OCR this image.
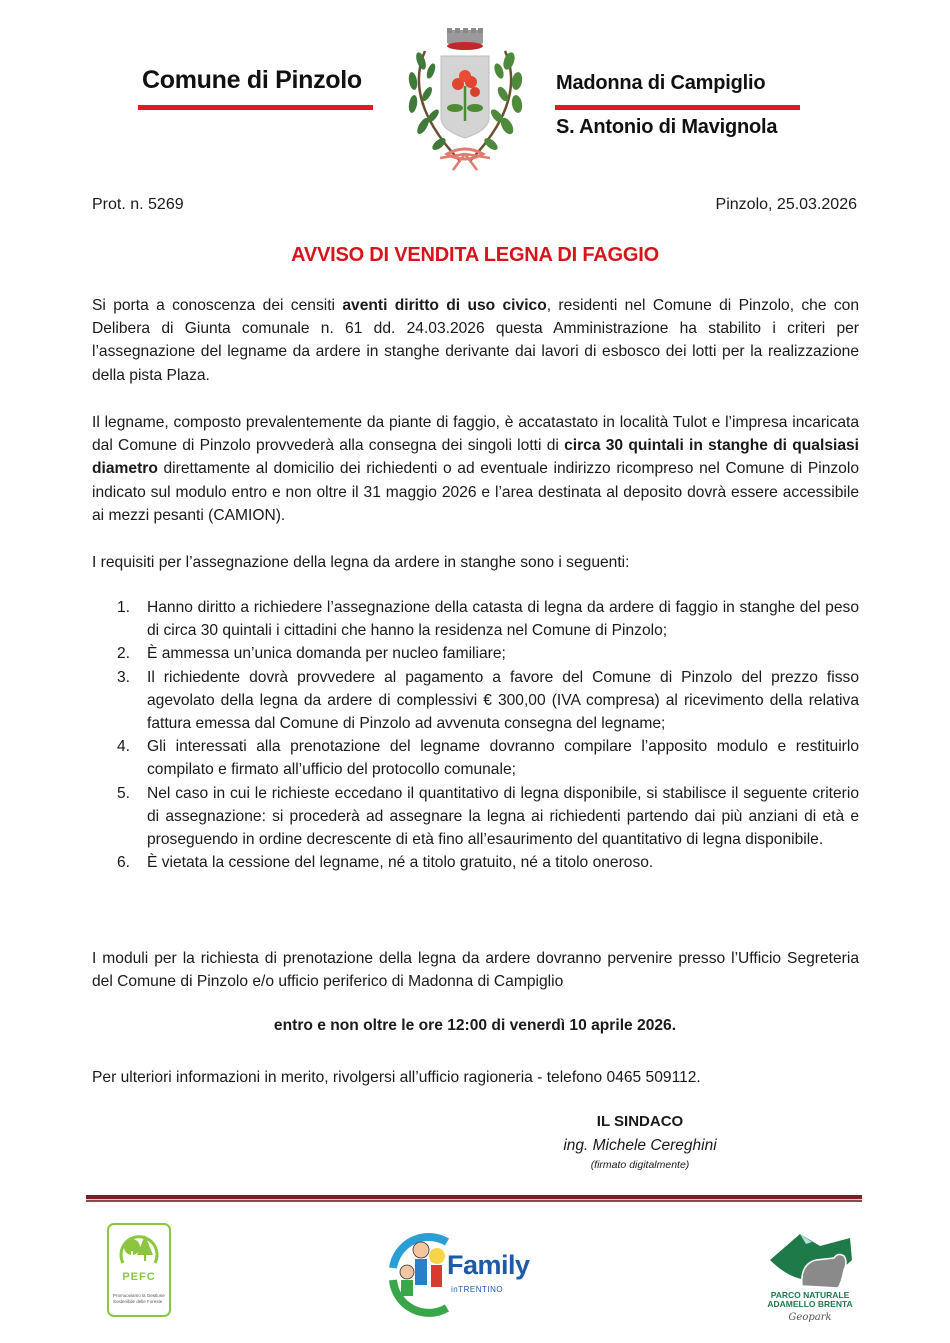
Comune di Pinzolo	Madonna di Campiglio
S. Antonio di Mavignola
Prot. n. 5269	Pinzolo, 25.03.2026
AVVISO DI VENDITA LEGNA DI FAGGIO
Si porta a conoscenza dei censiti aventi diritto di uso civico, residenti nel Comune di Pinzolo, che con Delibera di Giunta comunale n. 61 dd. 24.03.2026 questa Amministrazione ha stabilito i criteri per l’assegnazione del legname da ardere in stanghe derivante dai lavori di esbosco dei lotti per la realizzazione della pista Plaza.
Il legname, composto prevalentemente da piante di faggio, è accatastato in località Tulot e l’impresa incaricata dal Comune di Pinzolo provvederà alla consegna dei singoli lotti di circa 30 quintali in stanghe di qualsiasi diametro direttamente al domicilio dei richiedenti o ad eventuale indirizzo ricompreso nel Comune di Pinzolo indicato sul modulo entro e non oltre il 31 maggio 2026 e l’area destinata al deposito dovrà essere accessibile ai mezzi pesanti (CAMION).
I requisiti per l’assegnazione della legna da ardere in stanghe sono i seguenti:
1. Hanno diritto a richiedere l’assegnazione della catasta di legna da ardere di faggio in stanghe del peso di circa 30 quintali i cittadini che hanno la residenza nel Comune di Pinzolo;
2. È ammessa un’unica domanda per nucleo familiare;
3. Il richiedente dovrà provvedere al pagamento a favore del Comune di Pinzolo del prezzo fisso agevolato della legna da ardere di complessivi € 300,00 (IVA compresa) al ricevimento della relativa fattura emessa dal Comune di Pinzolo ad avvenuta consegna del legname;
4. Gli interessati alla prenotazione del legname dovranno compilare l’apposito modulo e restituirlo compilato e firmato all’ufficio del protocollo comunale;
5. Nel caso in cui le richieste eccedano il quantitativo di legna disponibile, si stabilisce il seguente criterio di assegnazione: si procederà ad assegnare la legna ai richiedenti partendo dai più anziani di età e proseguendo in ordine decrescente di età fino all’esaurimento del quantitativo di legna disponibile.
6. È vietata la cessione del legname, né a titolo gratuito, né a titolo oneroso.
I moduli per la richiesta di prenotazione della legna da ardere dovranno pervenire presso l’Ufficio Segreteria del Comune di Pinzolo e/o ufficio periferico di Madonna di Campiglio
entro e non oltre le ore 12:00 di venerdì 10 aprile 2026.
Per ulteriori informazioni in merito, rivolgersi all’ufficio ragioneria - telefono 0465 509112.
IL SINDACO
ing. Michele Cereghini
(firmato digitalmente)
PEFC
Promuoviamo la Gestione Sostenibile delle Foreste
Family
inTRENTINO
PARCO NATURALE
ADAMELLO BRENTA
Geopark
